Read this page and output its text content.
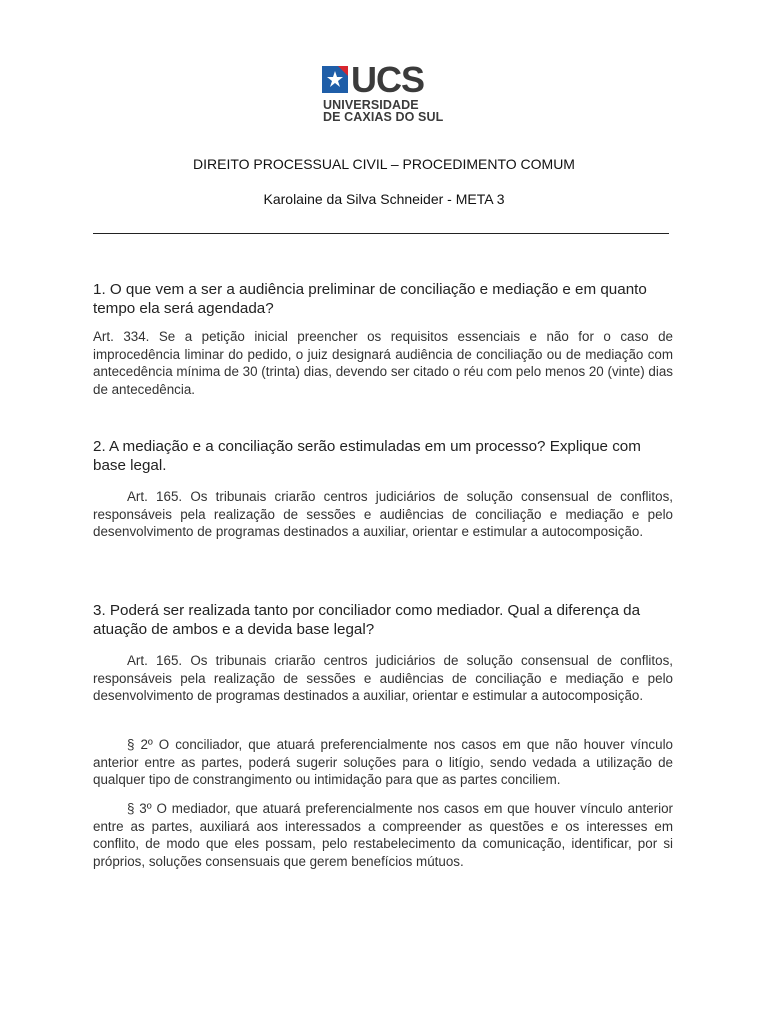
UCS
UNIVERSIDADE
DE CAXIAS DO SUL
DIREITO PROCESSUAL CIVIL – PROCEDIMENTO COMUM
Karolaine da Silva Schneider - META 3
1. O que vem a ser a audiência preliminar de conciliação e mediação e em quanto tempo ela será agendada?
Art. 334. Se a petição inicial preencher os requisitos essenciais e não for o caso de improcedência liminar do pedido, o juiz designará audiência de conciliação ou de mediação com antecedência mínima de 30 (trinta) dias, devendo ser citado o réu com pelo menos 20 (vinte) dias de antecedência.
2. A mediação e a conciliação serão estimuladas em um processo? Explique com base legal.
Art. 165. Os tribunais criarão centros judiciários de solução consensual de conflitos, responsáveis pela realização de sessões e audiências de conciliação e mediação e pelo desenvolvimento de programas destinados a auxiliar, orientar e estimular a autocomposição.
3. Poderá ser realizada tanto por conciliador como mediador. Qual a diferença da atuação de ambos e a devida base legal?
Art. 165. Os tribunais criarão centros judiciários de solução consensual de conflitos, responsáveis pela realização de sessões e audiências de conciliação e mediação e pelo desenvolvimento de programas destinados a auxiliar, orientar e estimular a autocomposição.
§ 2º O conciliador, que atuará preferencialmente nos casos em que não houver vínculo anterior entre as partes, poderá sugerir soluções para o litígio, sendo vedada a utilização de qualquer tipo de constrangimento ou intimidação para que as partes conciliem.
§ 3º O mediador, que atuará preferencialmente nos casos em que houver vínculo anterior entre as partes, auxiliará aos interessados a compreender as questões e os interesses em conflito, de modo que eles possam, pelo restabelecimento da comunicação, identificar, por si próprios, soluções consensuais que gerem benefícios mútuos.
